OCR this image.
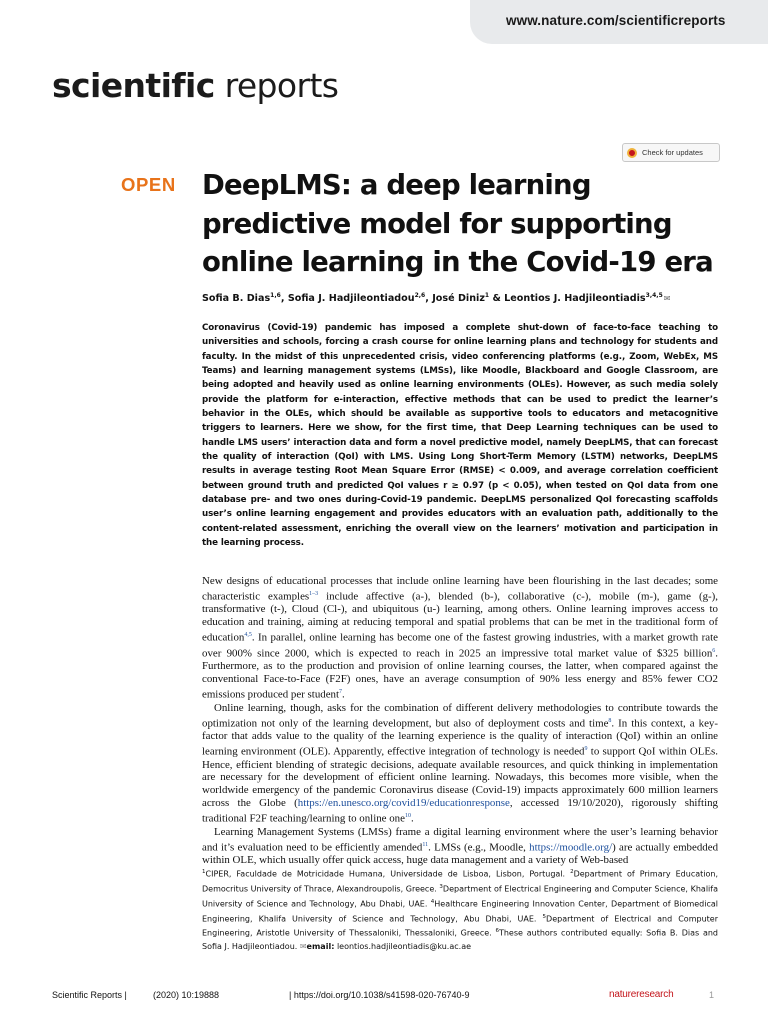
www.nature.com/scientificreports
scientific reports
Check for updates
OPEN DeepLMS: a deep learning predictive model for supporting online learning in the Covid-19 era

Sofia B. Dias$^{1,6}$, Sofia J. Hadjileontiadou$^{2,6}$, José Diniz$^1$ & Leontios J. Hadjileontiadis$^{3,4,5}$✉

Coronavirus (Covid-19) pandemic has imposed a complete shut-down of face-to-face teaching to universities and schools, forcing a crash course for online learning plans and technology for students and faculty. In the midst of this unprecedented crisis, video conferencing platforms (e.g., Zoom, WebEx, MS Teams) and learning management systems (LMSs), like Moodle, Blackboard and Google Classroom, are being adopted and heavily used as online learning environments (OLEs). However, as such media solely provide the platform for e-interaction, effective methods that can be used to predict the learner’s behavior in the OLEs, which should be available as supportive tools to educators and metacognitive triggers to learners. Here we show, for the first time, that Deep Learning techniques can be used to handle LMS users’ interaction data and form a novel predictive model, namely DeepLMS, that can forecast the quality of interaction (QoI) with LMS. Using Long Short-Term Memory (LSTM) networks, DeepLMS results in average testing Root Mean Square Error (RMSE) < 0.009, and average correlation coefficient between ground truth and predicted QoI values r ≥ 0.97 (p < 0.05), when tested on QoI data from one database pre- and two ones during-Covid-19 pandemic. DeepLMS personalized QoI forecasting scaffolds user’s online learning engagement and provides educators with an evaluation path, additionally to the content-related assessment, enriching the overall view on the learners’ motivation and participation in the learning process.

New designs of educational processes that include online learning have been flourishing in the last decades; some characteristic examples$^{1-3}$ include affective (a-), blended (b-), collaborative (c-), mobile (m-), game (g-), transformative (t-), Cloud (Cl-), and ubiquitous (u-) learning, among others. Online learning improves access to education and training, aiming at reducing temporal and spatial problems that can be met in the traditional form of education$^{4,5}$. In parallel, online learning has become one of the fastest growing industries, with a market growth rate over 900% since 2000, which is expected to reach in 2025 an impressive total market value of $325 billion$^6$. Furthermore, as to the production and provision of online learning courses, the latter, when compared against the conventional Face-to-Face (F2F) ones, have an average consumption of 90% less energy and 85% fewer CO2 emissions produced per student$^7$.

Online learning, though, asks for the combination of different delivery methodologies to contribute towards the optimization not only of the learning development, but also of deployment costs and time$^8$. In this context, a key-factor that adds value to the quality of the learning experience is the quality of interaction (QoI) within an online learning environment (OLE). Apparently, effective integration of technology is needed$^9$ to support QoI within OLEs. Hence, efficient blending of strategic decisions, adequate available resources, and quick thinking in implementation are necessary for the development of efficient online learning. Nowadays, this becomes more visible, when the worldwide emergency of the pandemic Coronavirus disease (Covid-19) impacts approximately 600 million learners across the Globe (https://en.unesco.org/covid19/educationresponse, accessed 19/10/2020), rigorously shifting traditional F2F teaching/learning to online one$^{10}$.

Learning Management Systems (LMSs) frame a digital learning environment where the user’s learning behavior and it’s evaluation need to be efficiently amended$^{11}$. LMSs (e.g., Moodle, https://moodle.org/) are actually embedded within OLE, which usually offer quick access, huge data management and a variety of Web-based

$^1$CIPER, Faculdade de Motricidade Humana, Universidade de Lisboa, Lisbon, Portugal. $^2$Department of Primary Education, Democritus University of Thrace, Alexandroupolis, Greece. $^3$Department of Electrical Engineering and Computer Science, Khalifa University of Science and Technology, Abu Dhabi, UAE. $^4$Healthcare Engineering Innovation Center, Department of Biomedical Engineering, Khalifa University of Science and Technology, Abu Dhabi, UAE. $^5$Department of Electrical and Computer Engineering, Aristotle University of Thessaloniki, Thessaloniki, Greece. $^6$These authors contributed equally: Sofia B. Dias and Sofia J. Hadjileontiadou. ✉email: leontios.hadjileontiadis@ku.ac.ae

Scientific Reports |	(2020) 10:19888	| https://doi.org/10.1038/s41598-020-76740-9	natureresearch	1
